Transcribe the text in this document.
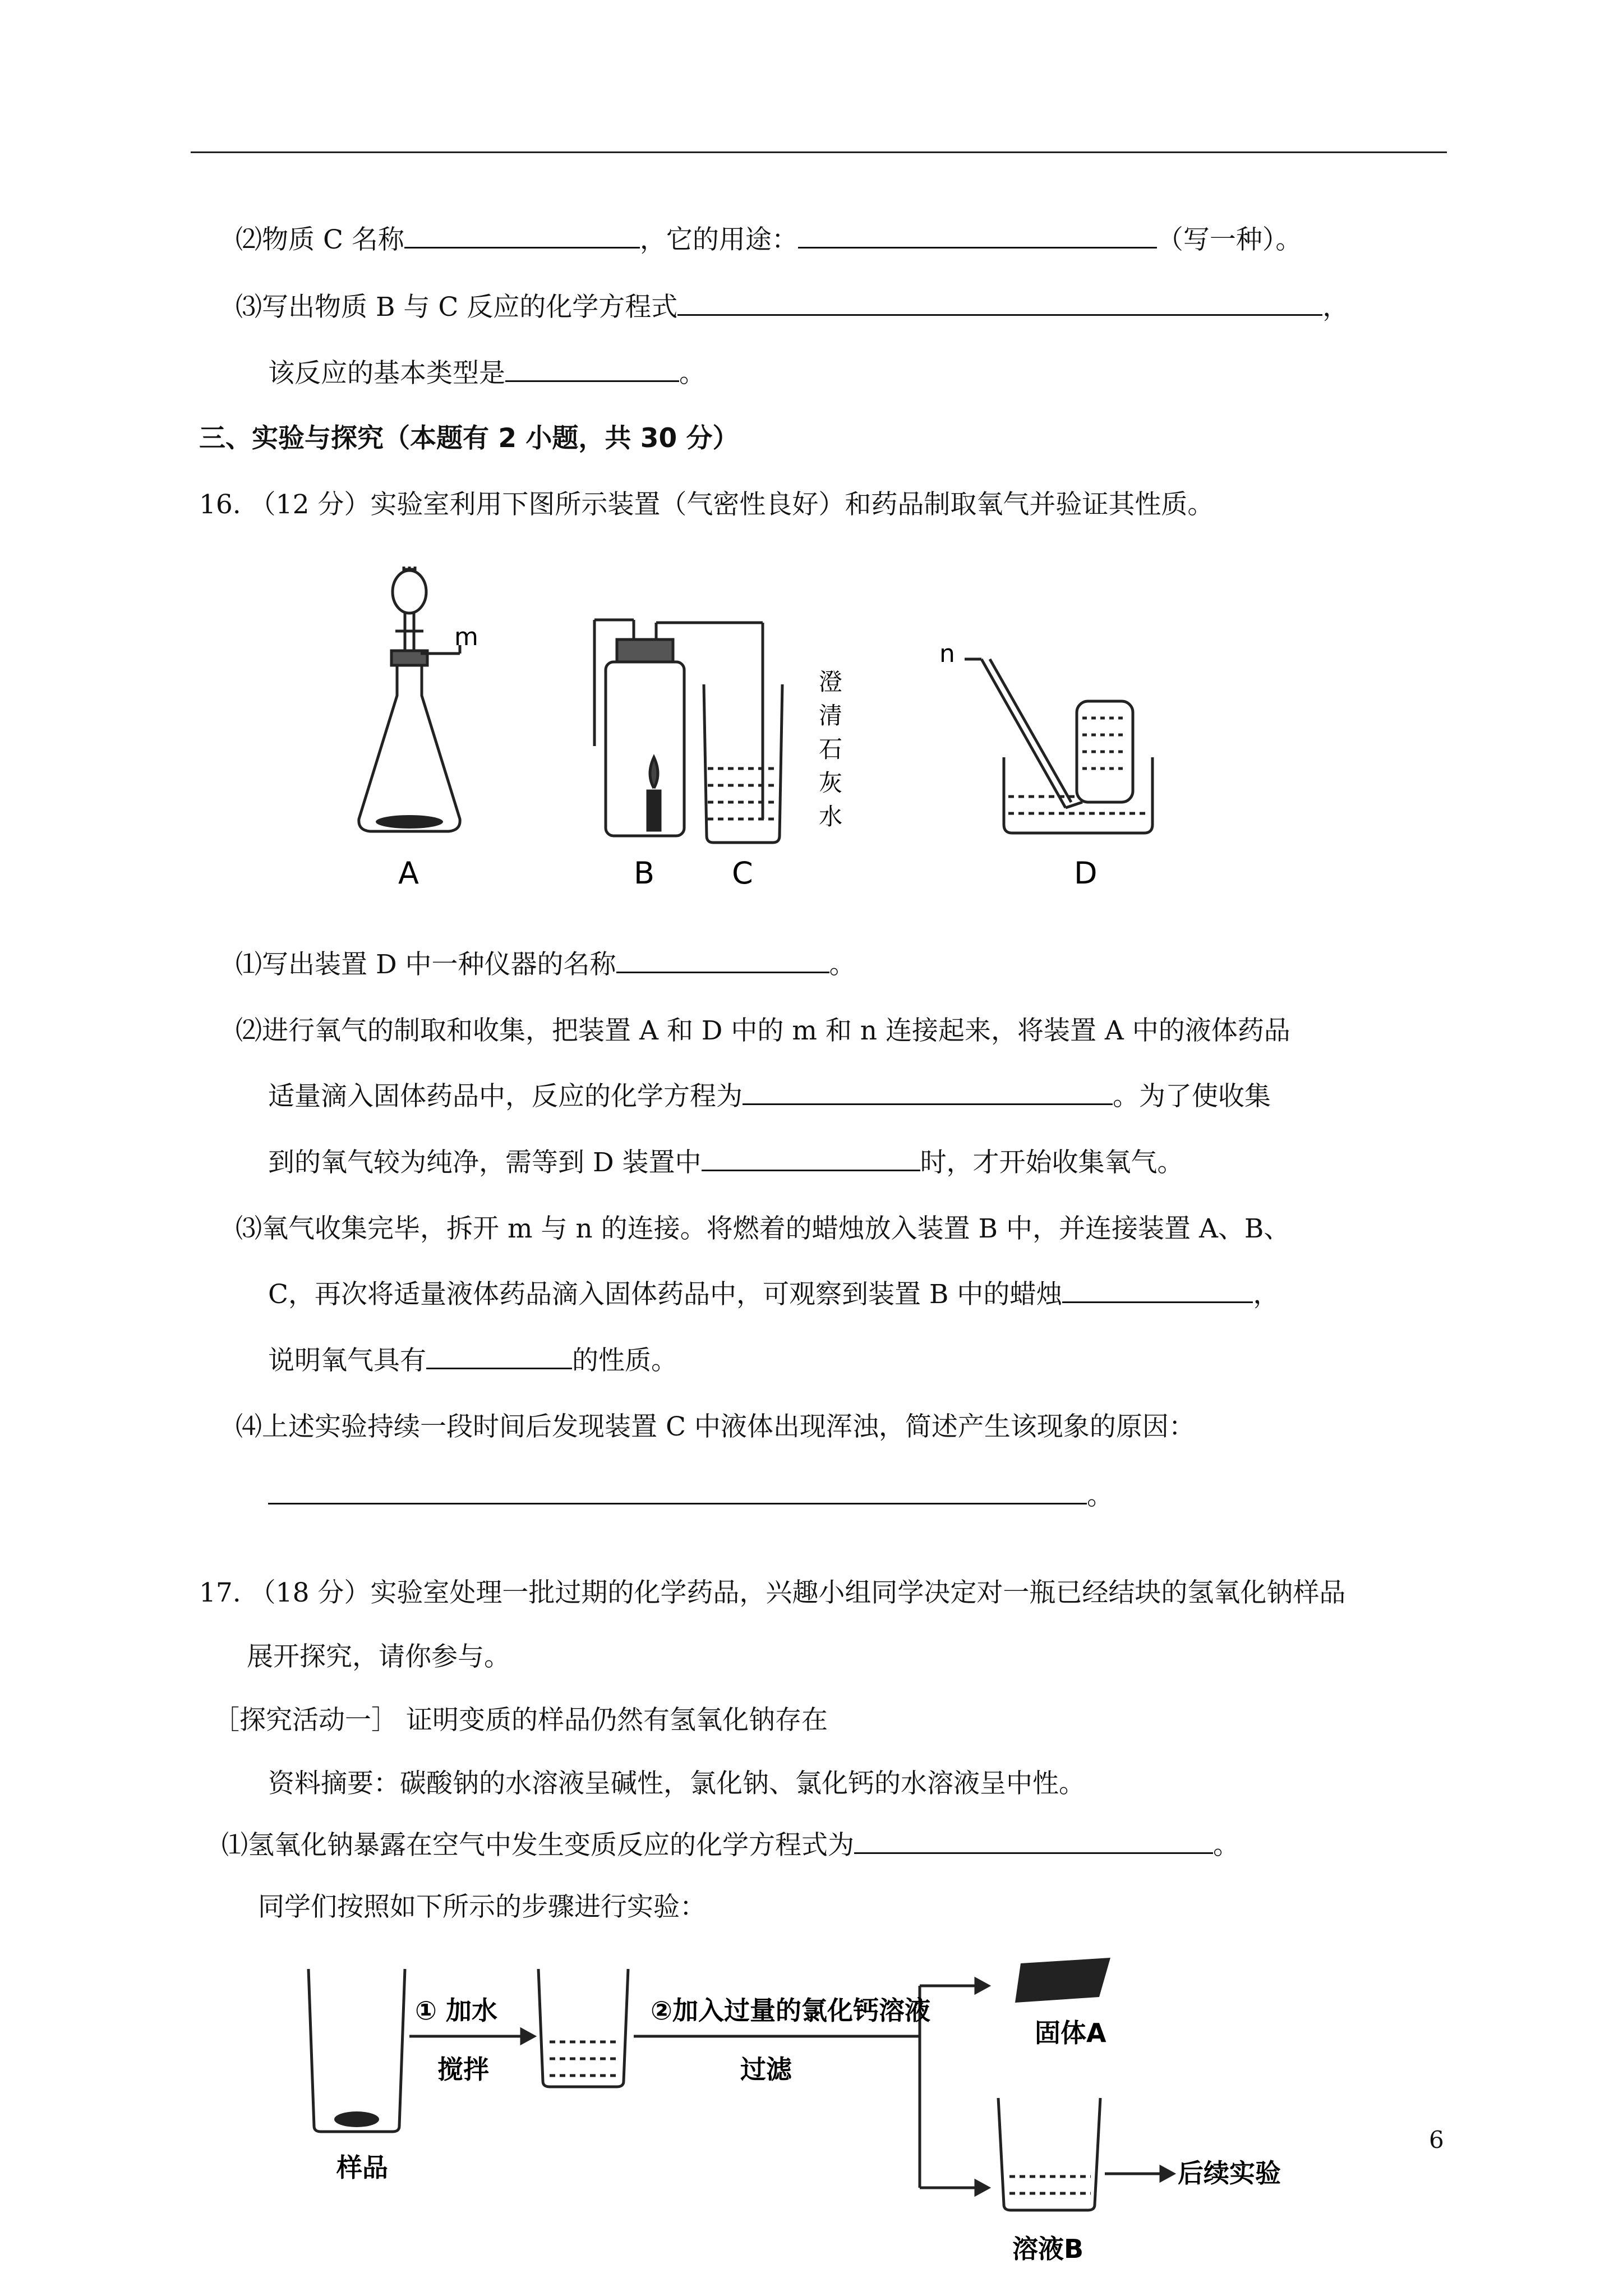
⑵物质 C 名称	，它的用途：	（写一种）。
⑶写出物质 B 与 C 反应的化学方程式	，
该反应的基本类型是	。
三、实验与探究（本题有 2 小题，共 30 分）
16. （12 分）实验室利用下图所示装置（气密性良好）和药品制取氧气并验证其性质。
m
澄
清
石
灰
水
n
A	B	C	D
⑴写出装置 D 中一种仪器的名称	。
⑵进行氧气的制取和收集，把装置 A 和 D 中的 m 和 n 连接起来，将装置 A 中的液体药品
适量滴入固体药品中，反应的化学方程为	。为了使收集
到的氧气较为纯净，需等到 D 装置中	时，才开始收集氧气。
⑶氧气收集完毕，拆开 m 与 n 的连接。将燃着的蜡烛放入装置 B 中，并连接装置 A、B、
C，再次将适量液体药品滴入固体药品中，可观察到装置 B 中的蜡烛	，
说明氧气具有	的性质。
⑷上述实验持续一段时间后发现装置 C 中液体出现浑浊，简述产生该现象的原因：
。
17. （18 分）实验室处理一批过期的化学药品，兴趣小组同学决定对一瓶已经结块的氢氧化钠样品
展开探究，请你参与。
［探究活动一］ 证明变质的样品仍然有氢氧化钠存在
资料摘要：碳酸钠的水溶液呈碱性，氯化钠、氯化钙的水溶液呈中性。
⑴氢氧化钠暴露在空气中发生变质反应的化学方程式为	。
同学们按照如下所示的步骤进行实验：
样品
① 加水
搅拌
②加入过量的氯化钙溶液
过滤
固体A
溶液B
后续实验
6
